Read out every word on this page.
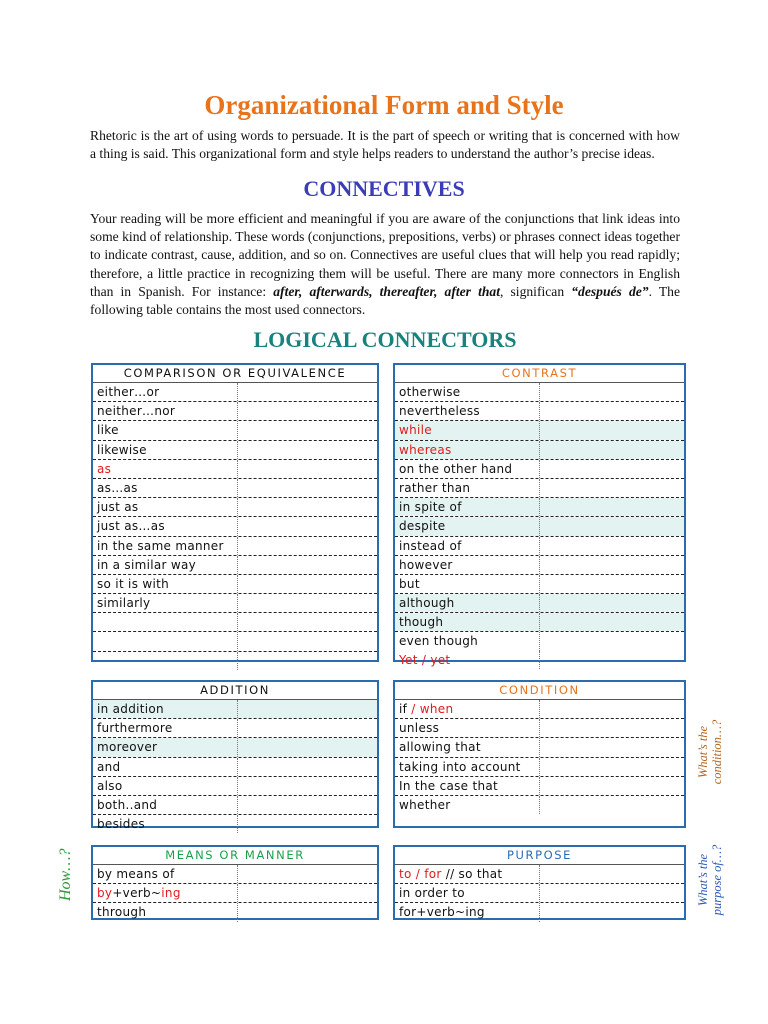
Organizational Form and Style
Rhetoric is the art of using words to persuade. It is the part of speech or writing that is concerned with how a thing is said. This organizational form and style helps readers to understand the author’s precise ideas.
CONNECTIVES
Your reading will be more efficient and meaningful if you are aware of the conjunctions that link ideas into some kind of relationship. These words (conjunctions, prepositions, verbs) or phrases connect ideas together to indicate contrast, cause, addition, and so on. Connectives are useful clues that will help you read rapidly; therefore, a little practice in recognizing them will be useful. There are many more connectors in English than in Spanish. For instance: after, afterwards, thereafter, after that, significan “después de”. The following table contains the most used connectors.
LOGICAL CONNECTORS
COMPARISON OR EQUIVALENCE
either…or
neither…nor
like
likewise
as
as…as
just as
just as…as
in the same manner
in a similar way
so it is with
similarly
CONTRAST
otherwise
nevertheless
while
whereas
on the other hand
rather than
in spite of
despite
instead of
however
but
although
though
even though
Yet / yet
ADDITION
in addition
furthermore
moreover
and
also
both..and
besides
CONDITION
if / when
unless
allowing that
taking into account
In the case that
whether
MEANS OR MANNER
by means of
by+verb~ing
through
PURPOSE
to / for // so that
in order to
for+verb~ing
What’s the condition…?
What’s the purpose of…?
How…?
